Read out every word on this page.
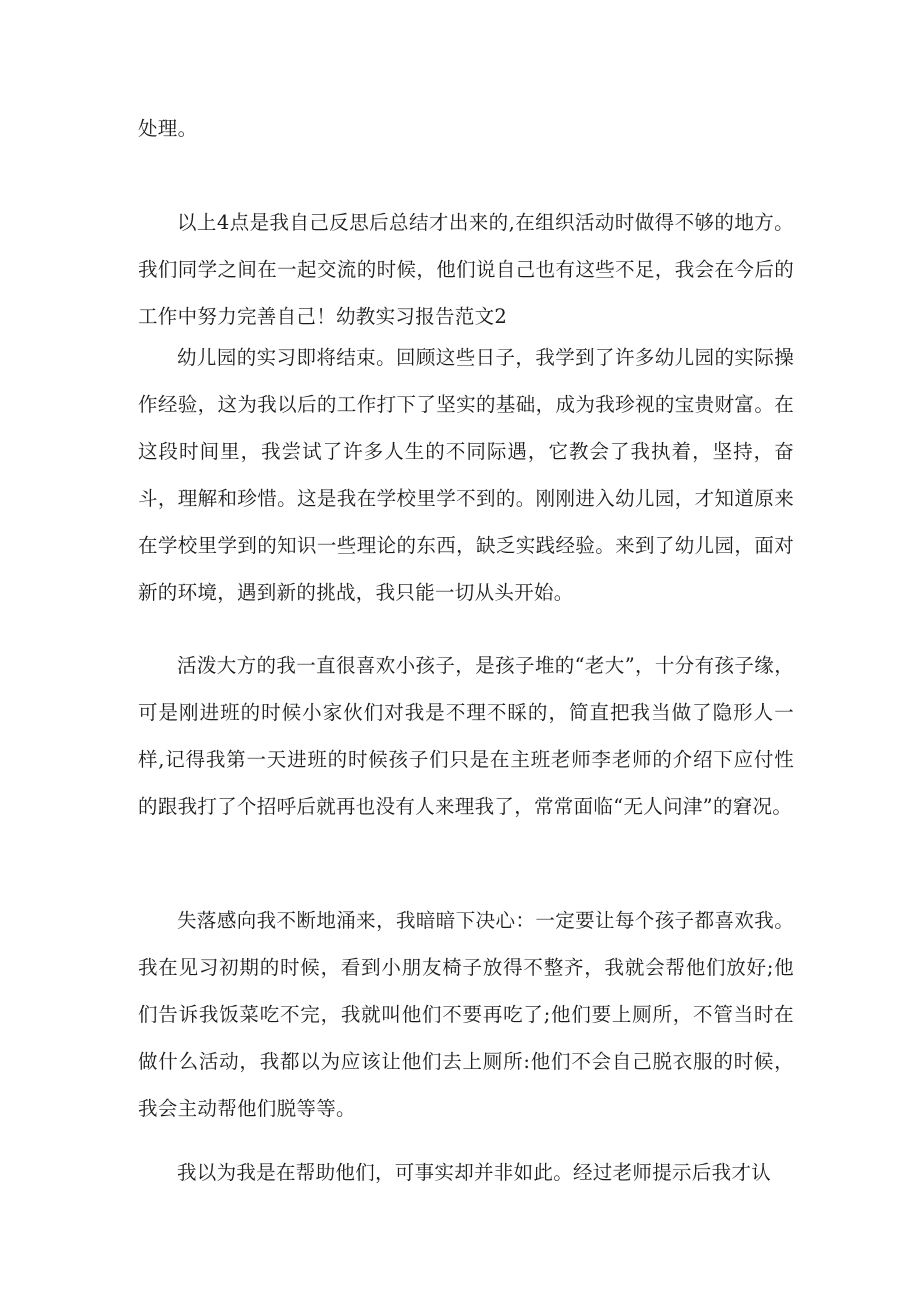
处理。

以上4点是我自己反思后总结才出来的,在组织活动时做得不够的地方。我们同学之间在一起交流的时候，他们说自己也有这些不足，我会在今后的工作中努力完善自己！幼教实习报告范文2

幼儿园的实习即将结束。回顾这些日子，我学到了许多幼儿园的实际操作经验，这为我以后的工作打下了坚实的基础，成为我珍视的宝贵财富。在这段时间里，我尝试了许多人生的不同际遇，它教会了我执着，坚持，奋斗，理解和珍惜。这是我在学校里学不到的。刚刚进入幼儿园，才知道原来在学校里学到的知识一些理论的东西，缺乏实践经验。来到了幼儿园，面对新的环境，遇到新的挑战，我只能一切从头开始。

活泼大方的我一直很喜欢小孩子，是孩子堆的“老大”，十分有孩子缘，可是刚进班的时候小家伙们对我是不理不睬的，简直把我当做了隐形人一样,记得我第一天进班的时候孩子们只是在主班老师李老师的介绍下应付性的跟我打了个招呼后就再也没有人来理我了，常常面临“无人问津”的窘况。

失落感向我不断地涌来，我暗暗下决心：一定要让每个孩子都喜欢我。我在见习初期的时候，看到小朋友椅子放得不整齐，我就会帮他们放好;他们告诉我饭菜吃不完，我就叫他们不要再吃了;他们要上厕所，不管当时在做什么活动，我都以为应该让他们去上厕所:他们不会自己脱衣服的时候，我会主动帮他们脱等等。

我以为我是在帮助他们，可事实却并非如此。经过老师提示后我才认
